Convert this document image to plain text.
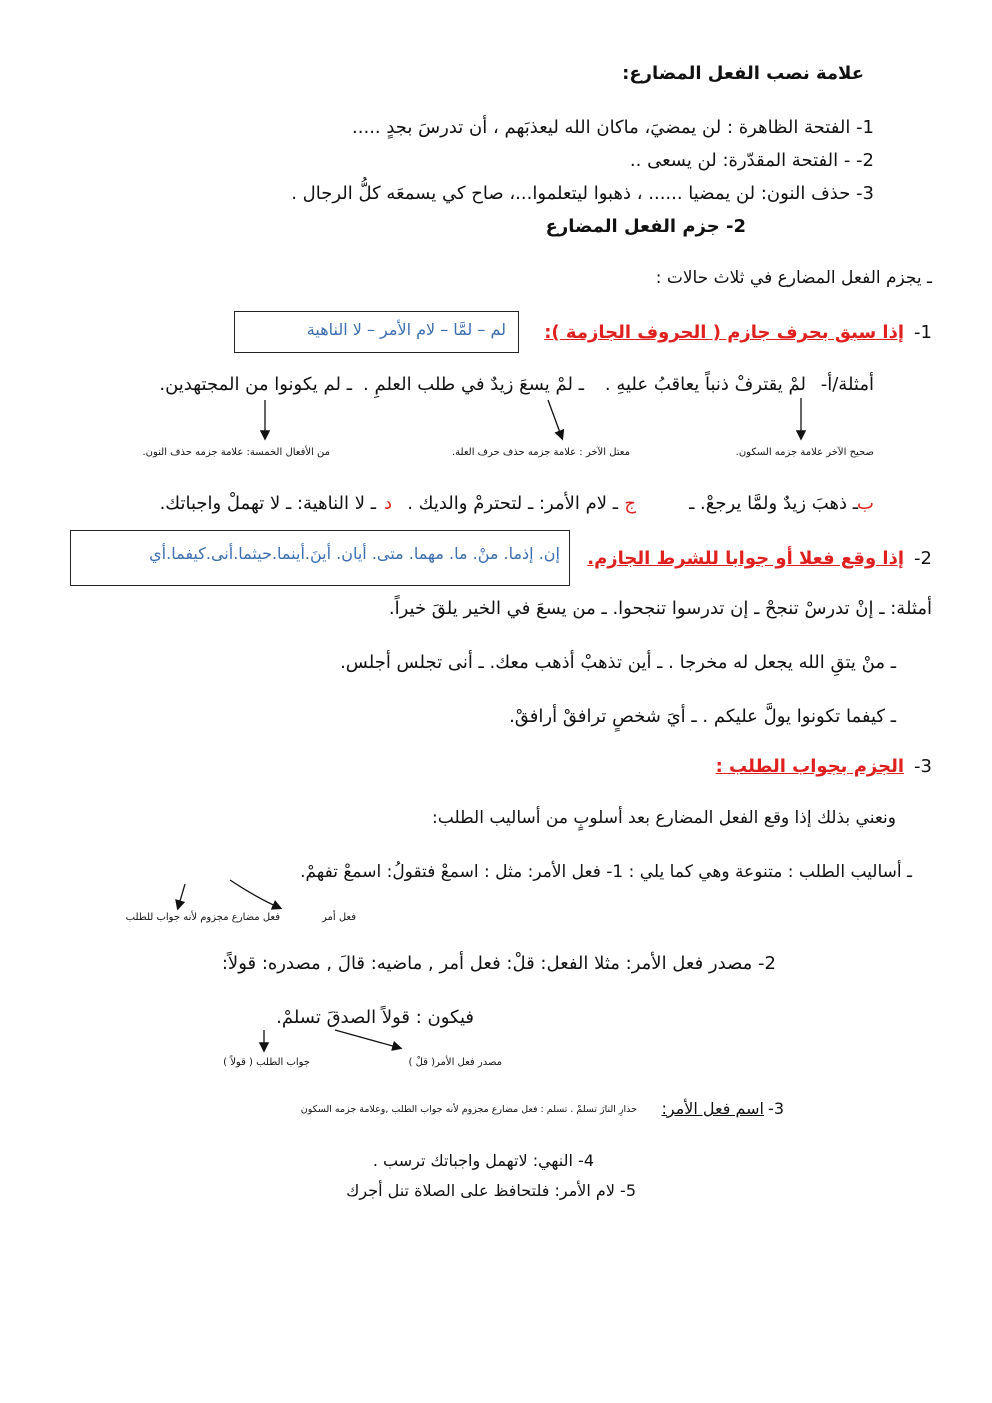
علامة نصب الفعل المضارع:
1- الفتحة الظاهرة : لن يمضيَ، ماكان الله ليعذبَهم ، أن تدرسَ بجدٍ .....
2- - الفتحة المقدّرة: لن يسعى ..
3- حذف النون: لن يمضيا ...... ، ذهبوا ليتعلموا...، صاح كي يسمعَه كلُّ الرجال .
2- جزم الفعل المضارع
ـ يجزم الفعل المضارع في ثلاث حالات :
1-
إذا سبق بحرف جازم ( الحروف الجازمة ):
لم – لمَّا – لام الأمر – لا الناهية
أمثلة/أ-
لمْ يقترفْ ذنباً يعاقبُ عليهِ .
ـ لمْ يسعَ زيدٌ في طلب العلمِ .
ـ لم يكونوا من المجتهدين.
صحيح الآخر علامة جزمه السكون.
معتل الآخر : علامة جزمه حذف حرف العلة.
من الأفعال الخمسة: علامة جزمه حذف النون.
ب
ـ ذهبَ زيدٌ ولمَّا يرجعْ. ـ
ج
ـ لام الأمر: ـ لتحترمْ والديك .
د
ـ لا الناهية: ـ لا تهملْ واجباتك.
2-
إذا وقع فعلا أو جوابا للشرط الجازم.
إن. إذما. منْ. ما. مهما. متى. أيان. أينَ.أينما.حيثما.أنى.كيفما.أي
أمثلة: ـ إنْ تدرسْ تنجحْ ـ إن تدرسوا تنجحوا. ـ من يسعَ في الخير يلقَ خيراً.
ـ منْ يتقِ الله يجعل له مخرجا . ـ أين تذهبْ أذهب معك. ـ أنى تجلس أجلس.
ـ كيفما تكونوا يولَّ عليكم . ـ أيَ شخصٍ ترافقْ أرافقْ.
3-
الجزم بجواب الطلب :
ونعني بذلك إذا وقع الفعل المضارع بعد أسلوبٍ من أساليب الطلب:
ـ أساليب الطلب : متنوعة وهي كما يلي : 1- فعل الأمر: مثل : اسمعْ فتقولُ: اسمعْ تفهمْ.
فعل أمر
فعل مضارع مجزوم لأنه جواب للطلب
2- مصدر فعل الأمر: مثلا الفعل: قلْ: فعل أمر , ماضيه: قالَ , مصدره: قولاً:
فيكون : قولاً الصدقَ تسلمْ.
جواب الطلب ( قولاً )	مصدر فعل الأمر( قلْ )
3-
اسم فعل الأمر:
حذارِ النارَ تسلمْ . تسلم : فعل مضارع مجزوم لأنه جواب الطلب ,وعلامة جزمه السكون
4- النهي: لاتهمل واجباتك ترسب .
5- لام الأمر: فلتحافظ على الصلاة تنل أجرك
